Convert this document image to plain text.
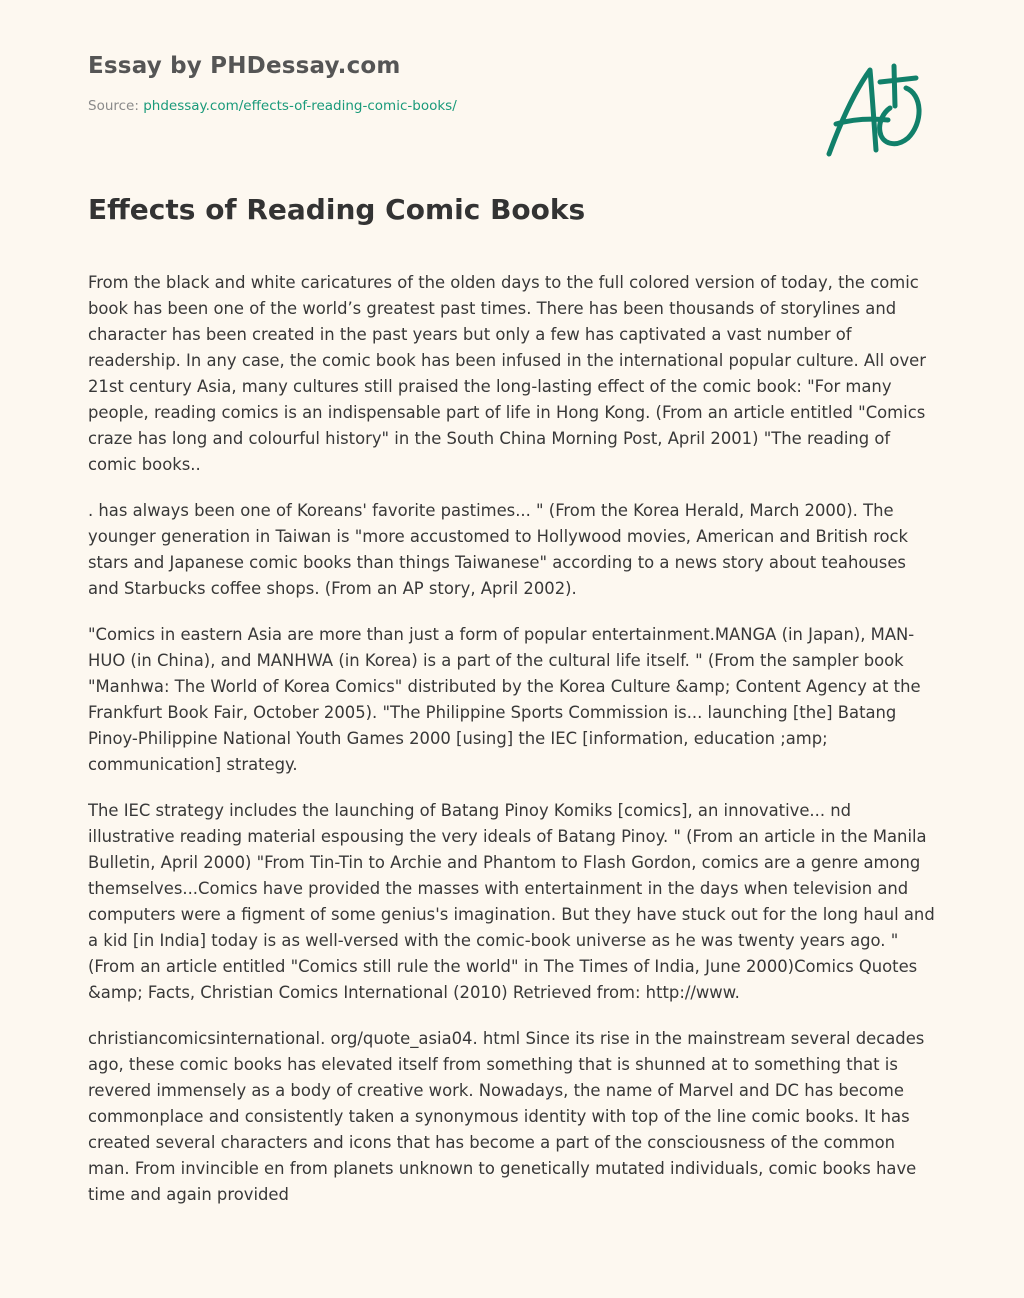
Essay by PHDessay.com
Source: phdessay.com/effects-of-reading-comic-books/
Effects of Reading Comic Books

From the black and white caricatures of the olden days to the full colored version of today, the comic book has been one of the world’s greatest past times. There has been thousands of storylines and character has been created in the past years but only a few has captivated a vast number of readership. In any case, the comic book has been infused in the international popular culture. All over 21st century Asia, many cultures still praised the long-lasting effect of the comic book: "For many people, reading comics is an indispensable part of life in Hong Kong. (From an article entitled "Comics craze has long and colourful history" in the South China Morning Post, April 2001) "The reading of comic books..

. has always been one of Koreans' favorite pastimes... " (From the Korea Herald, March 2000). The younger generation in Taiwan is "more accustomed to Hollywood movies, American and British rock stars and Japanese comic books than things Taiwanese" according to a news story about teahouses and Starbucks coffee shops. (From an AP story, April 2002).

"Comics in eastern Asia are more than just a form of popular entertainment.MANGA (in Japan), MAN-HUO (in China), and MANHWA (in Korea) is a part of the cultural life itself. " (From the sampler book "Manhwa: The World of Korea Comics" distributed by the Korea Culture &amp; Content Agency at the Frankfurt Book Fair, October 2005). "The Philippine Sports Commission is... launching [the] Batang Pinoy-Philippine National Youth Games 2000 [using] the IEC [information, education ;amp; communication] strategy.

The IEC strategy includes the launching of Batang Pinoy Komiks [comics], an innovative... nd illustrative reading material espousing the very ideals of Batang Pinoy. " (From an article in the Manila Bulletin, April 2000) "From Tin-Tin to Archie and Phantom to Flash Gordon, comics are a genre among themselves...Comics have provided the masses with entertainment in the days when television and computers were a figment of some genius's imagination. But they have stuck out for the long haul and a kid [in India] today is as well-versed with the comic-book universe as he was twenty years ago. " (From an article entitled "Comics still rule the world" in The Times of India, June 2000)Comics Quotes &amp; Facts, Christian Comics International (2010) Retrieved from: http://www.

christiancomicsinternational. org/quote_asia04. html Since its rise in the mainstream several decades ago, these comic books has elevated itself from something that is shunned at to something that is revered immensely as a body of creative work. Nowadays, the name of Marvel and DC has become commonplace and consistently taken a synonymous identity with top of the line comic books. It has created several characters and icons that has become a part of the consciousness of the common man. From invincible en from planets unknown to genetically mutated individuals, comic books have time and again provided
